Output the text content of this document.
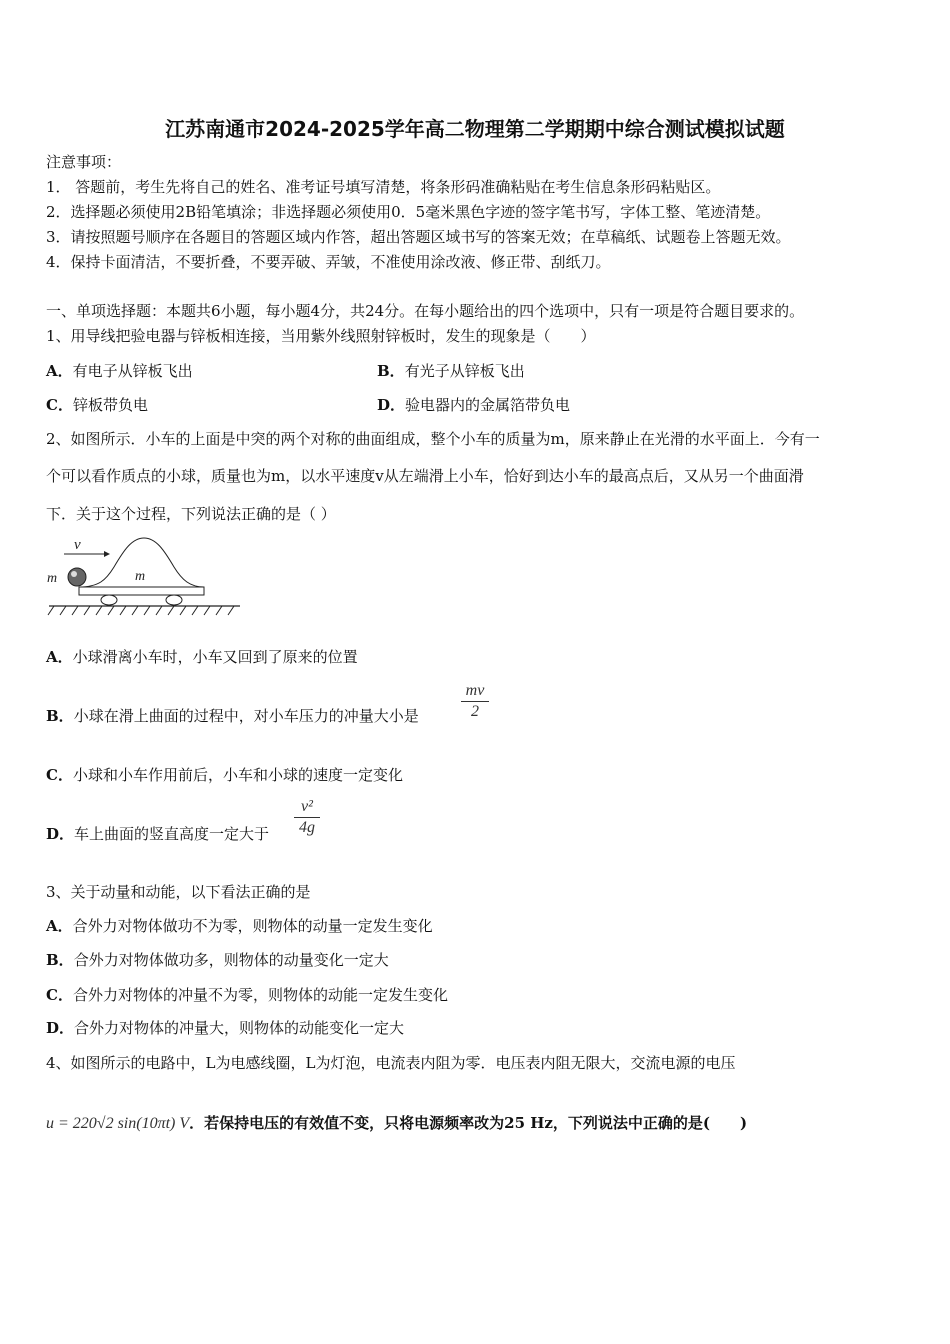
江苏南通市2024-2025学年高二物理第二学期期中综合测试模拟试题
注意事项：
1． 答题前，考生先将自己的姓名、准考证号填写清楚，将条形码准确粘贴在考生信息条形码粘贴区。
2．选择题必须使用2B铅笔填涂；非选择题必须使用0．5毫米黑色字迹的签字笔书写，字体工整、笔迹清楚。
3．请按照题号顺序在各题目的答题区域内作答，超出答题区域书写的答案无效；在草稿纸、试题卷上答题无效。
4．保持卡面清洁，不要折叠，不要弄破、弄皱，不准使用涂改液、修正带、刮纸刀。
一、单项选择题：本题共6小题，每小题4分，共24分。在每小题给出的四个选项中，只有一项是符合题目要求的。
1、用导线把验电器与锌板相连接，当用紫外线照射锌板时，发生的现象是（　　）
A．有电子从锌板飞出	B．有光子从锌板飞出
C．锌板带负电	D．验电器内的金属箔带负电
2、如图所示．小车的上面是中突的两个对称的曲面组成，整个小车的质量为m，原来静止在光滑的水平面上．今有一
个可以看作质点的小球，质量也为m，以水平速度v从左端滑上小车，恰好到达小车的最高点后，又从另一个曲面滑
下．关于这个过程，下列说法正确的是（ ）
v
m	m
A．小球滑离小车时，小车又回到了原来的位置
B．小球在滑上曲面的过程中，对小车压力的冲量大小是
mv
2
C．小球和小车作用前后，小车和小球的速度一定变化
D．车上曲面的竖直高度一定大于
v²
4g
3、关于动量和动能，以下看法正确的是
A．合外力对物体做功不为零，则物体的动量一定发生变化
B．合外力对物体做功多，则物体的动量变化一定大
C．合外力对物体的冲量不为零，则物体的动能一定发生变化
D．合外力对物体的冲量大，则物体的动能变化一定大
4、如图所示的电路中，L为电感线圈，L为灯泡，电流表内阻为零．电压表内阻无限大，交流电源的电压
u = 220√2 sin(10πt) V．若保持电压的有效值不变，只将电源频率改为25 Hz，下列说法中正确的是(　　)
